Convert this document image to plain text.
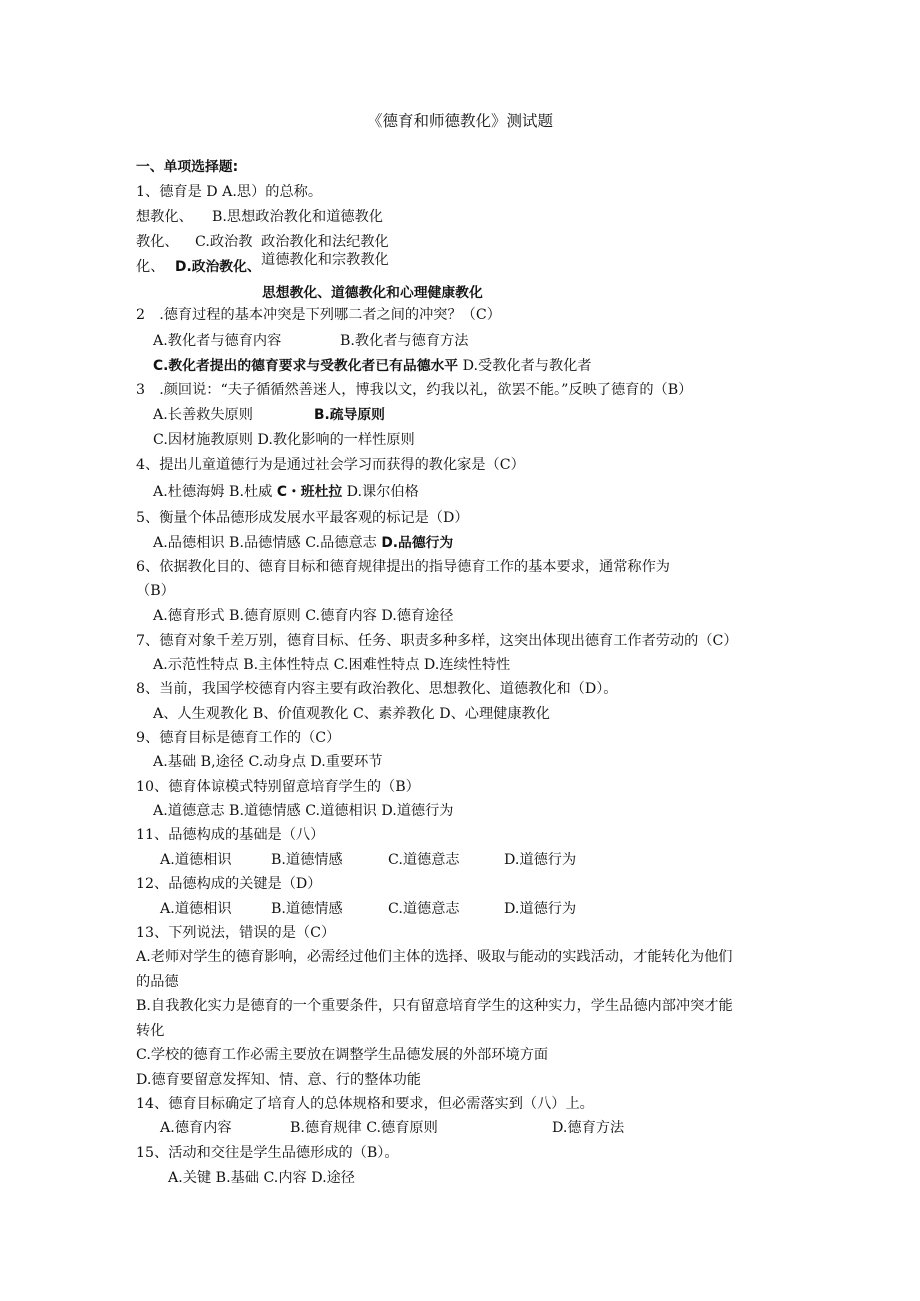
《德育和师德教化》测试题
一、单项选择题:
1、德育是 D A.思）的总称。
想教化、 B.思想政治教化和道德教化
教化、 C.政治教 政治教化和法纪教化
化、 D.政治教化、 道德教化和宗教教化
思想教化、道德教化和心理健康教化
2　.德育过程的基本冲突是下列哪二者之间的冲突？（C）
A.教化者与德育内容	B.教化者与德育方法
C.教化者提出的德育要求与受教化者已有品德水平 D.受教化者与教化者
3　.颜回说：“夫子循循然善迷人，博我以文，约我以礼，欲罢不能。”反映了德育的（B）
A.长善救失原则	B.疏导原则
C.因材施教原则 D.教化影响的一样性原则
4、提出儿童道德行为是通过社会学习而获得的教化家是（C）
A.杜德海姆 B.杜威 C・班杜拉 D.课尔伯格
5、衡量个体品德形成发展水平最客观的标记是（D）
A.品德相识 B.品德情感 C.品德意志 D.品德行为
6、依据教化目的、德育目标和德育规律提出的指导德育工作的基本要求，通常称作为
（B）
A.德育形式 B.德育原则 C.德育内容 D.德育途径
7、德育对象千差万别，德育目标、任务、职责多种多样，这突出体现出德育工作者劳动的（C）
A.示范性特点 B.主体性特点 C.困难性特点 D.连续性特性
8、当前，我国学校德育内容主要有政治教化、思想教化、道德教化和（D）。
A、人生观教化 B、价值观教化 C、素养教化 D、心理健康教化
9、德育目标是德育工作的（C）
A.基础 B,途径 C.动身点 D.重要环节
10、德育体谅模式特别留意培育学生的（B）
A.道德意志 B.道德情感 C.道德相识 D.道德行为
11、品德构成的基础是（八）
A.道德相识	B.道德情感	C.道德意志	D.道德行为
12、品德构成的关键是（D）
A.道德相识	B.道德情感	C.道德意志	D.道德行为
13、下列说法，错误的是（C）
A.老师对学生的德育影响，必需经过他们主体的选择、吸取与能动的实践活动，才能转化为他们
的品德
B.自我教化实力是德育的一个重要条件，只有留意培育学生的这种实力，学生品德内部冲突才能
转化
C.学校的德育工作必需主要放在调整学生品德发展的外部环境方面
D.德育要留意发挥知、情、意、行的整体功能
14、德育目标确定了培育人的总体规格和要求，但必需落实到（八）上。
A.德育内容	B.德育规律 C.德育原则	D.德育方法
15、活动和交往是学生品德形成的（B）。
A.关键 B.基础 C.内容 D.途径
